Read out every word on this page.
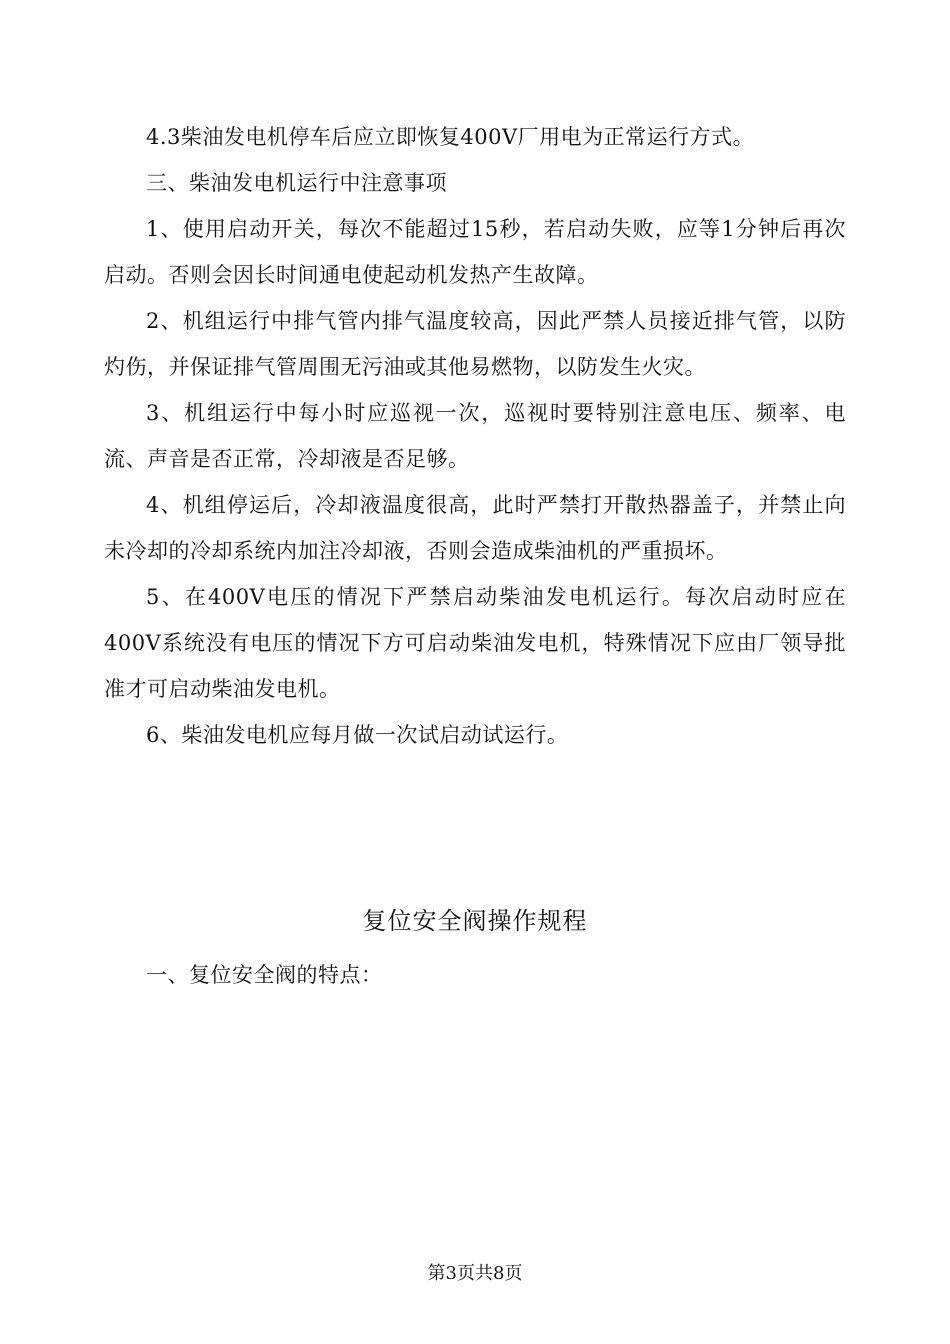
4.3柴油发电机停车后应立即恢复400V厂用电为正常运行方式。

三、柴油发电机运行中注意事项

1、使用启动开关，每次不能超过15秒，若启动失败，应等1分钟后再次启动。否则会因长时间通电使起动机发热产生故障。

2、机组运行中排气管内排气温度较高，因此严禁人员接近排气管，以防灼伤，并保证排气管周围无污油或其他易燃物，以防发生火灾。

3、机组运行中每小时应巡视一次，巡视时要特别注意电压、频率、电流、声音是否正常，冷却液是否足够。

4、机组停运后，冷却液温度很高，此时严禁打开散热器盖子，并禁止向未冷却的冷却系统内加注冷却液，否则会造成柴油机的严重损坏。

5、在400V电压的情况下严禁启动柴油发电机运行。每次启动时应在400V系统没有电压的情况下方可启动柴油发电机，特殊情况下应由厂领导批准才可启动柴油发电机。

6、柴油发电机应每月做一次试启动试运行。

复位安全阀操作规程

一、复位安全阀的特点：

第3页共8页
